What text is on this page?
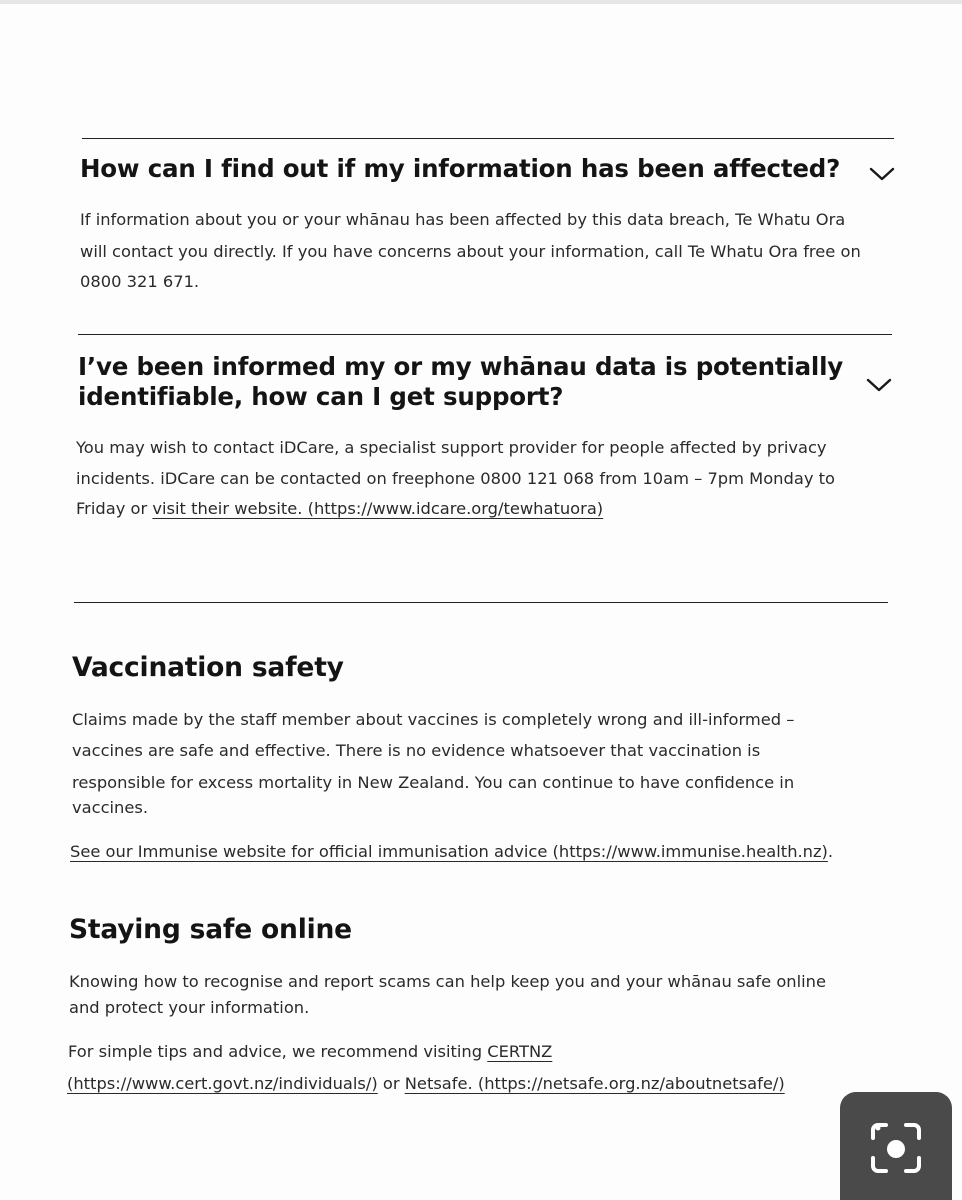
How can I find out if my information has been affected?

If information about you or your whānau has been affected by this data breach, Te Whatu Ora

will contact you directly. If you have concerns about your information, call Te Whatu Ora free on

0800 321 671.

I’ve been informed my or my whānau data is potentially
identifiable, how can I get support?

You may wish to contact iDCare, a specialist support provider for people affected by privacy

incidents. iDCare can be contacted on freephone 0800 121 068 from 10am – 7pm Monday to

Friday or visit their website. (https://www.idcare.org/tewhatuora)

Vaccination safety

Claims made by the staff member about vaccines is completely wrong and ill-informed –

vaccines are safe and effective. There is no evidence whatsoever that vaccination is

responsible for excess mortality in New Zealand. You can continue to have confidence in

vaccines.

See our Immunise website for official immunisation advice (https://www.immunise.health.nz).

Staying safe online

Knowing how to recognise and report scams can help keep you and your whānau safe online

and protect your information.

For simple tips and advice, we recommend visiting CERTNZ

(https://www.cert.govt.nz/individuals/) or Netsafe. (https://netsafe.org.nz/aboutnetsafe/)
